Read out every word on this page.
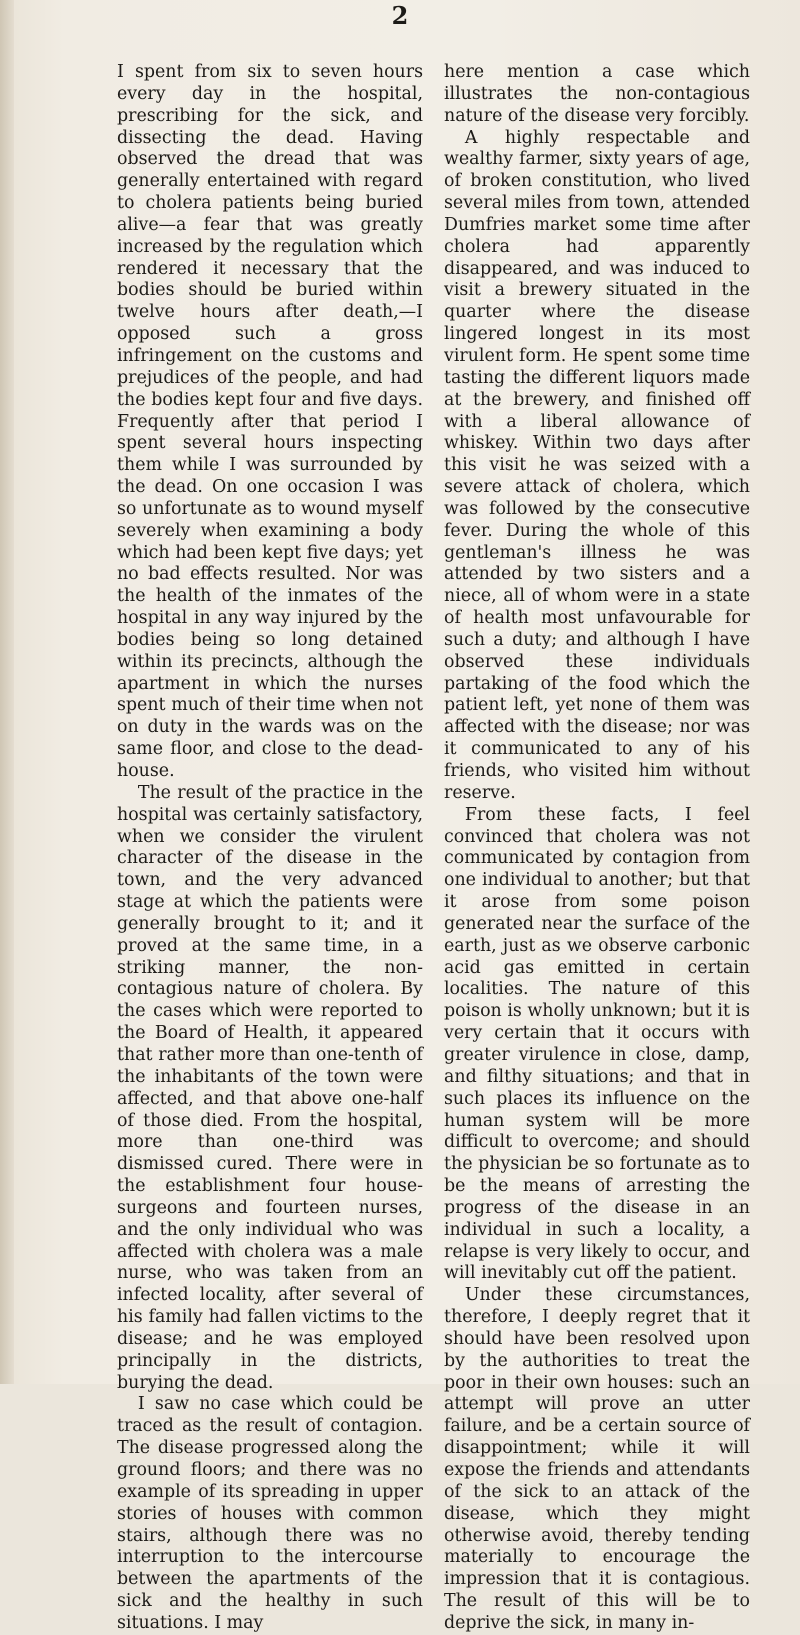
2

I spent from six to seven hours every day in the hospital, prescribing for the sick, and dissecting the dead. Having observed the dread that was generally entertained with regard to cholera patients being buried alive—a fear that was greatly increased by the regulation which rendered it necessary that the bodies should be buried within twelve hours after death,—I opposed such a gross infringement on the customs and prejudices of the people, and had the bodies kept four and five days. Frequently after that period I spent several hours inspecting them while I was surrounded by the dead. On one occasion I was so unfortunate as to wound myself severely when examining a body which had been kept five days; yet no bad effects resulted. Nor was the health of the inmates of the hospital in any way injured by the bodies being so long detained within its precincts, although the apartment in which the nurses spent much of their time when not on duty in the wards was on the same floor, and close to the dead-house.

The result of the practice in the hospital was certainly satisfactory, when we consider the virulent character of the disease in the town, and the very advanced stage at which the patients were generally brought to it; and it proved at the same time, in a striking manner, the non-contagious nature of cholera. By the cases which were reported to the Board of Health, it appeared that rather more than one-tenth of the inhabitants of the town were affected, and that above one-half of those died. From the hospital, more than one-third was dismissed cured. There were in the establishment four house-surgeons and fourteen nurses, and the only individual who was affected with cholera was a male nurse, who was taken from an infected locality, after several of his family had fallen victims to the disease; and he was employed principally in the districts, burying the dead.

I saw no case which could be traced as the result of contagion. The disease progressed along the ground floors; and there was no example of its spreading in upper stories of houses with common stairs, although there was no interruption to the intercourse between the apartments of the sick and the healthy in such situations. I may

here mention a case which illustrates the non-contagious nature of the disease very forcibly.

A highly respectable and wealthy farmer, sixty years of age, of broken constitution, who lived several miles from town, attended Dumfries market some time after cholera had apparently disappeared, and was induced to visit a brewery situated in the quarter where the disease lingered longest in its most virulent form. He spent some time tasting the different liquors made at the brewery, and finished off with a liberal allowance of whiskey. Within two days after this visit he was seized with a severe attack of cholera, which was followed by the consecutive fever. During the whole of this gentleman's illness he was attended by two sisters and a niece, all of whom were in a state of health most unfavourable for such a duty; and although I have observed these individuals partaking of the food which the patient left, yet none of them was affected with the disease; nor was it communicated to any of his friends, who visited him without reserve.

From these facts, I feel convinced that cholera was not communicated by contagion from one individual to another; but that it arose from some poison generated near the surface of the earth, just as we observe carbonic acid gas emitted in certain localities. The nature of this poison is wholly unknown; but it is very certain that it occurs with greater virulence in close, damp, and filthy situations; and that in such places its influence on the human system will be more difficult to overcome; and should the physician be so fortunate as to be the means of arresting the progress of the disease in an individual in such a locality, a relapse is very likely to occur, and will inevitably cut off the patient.

Under these circumstances, therefore, I deeply regret that it should have been resolved upon by the authorities to treat the poor in their own houses: such an attempt will prove an utter failure, and be a certain source of disappointment; while it will expose the friends and attendants of the sick to an attack of the disease, which they might otherwise avoid, thereby tending materially to encourage the impression that it is contagious. The result of this will be to deprive the sick, in many in-
